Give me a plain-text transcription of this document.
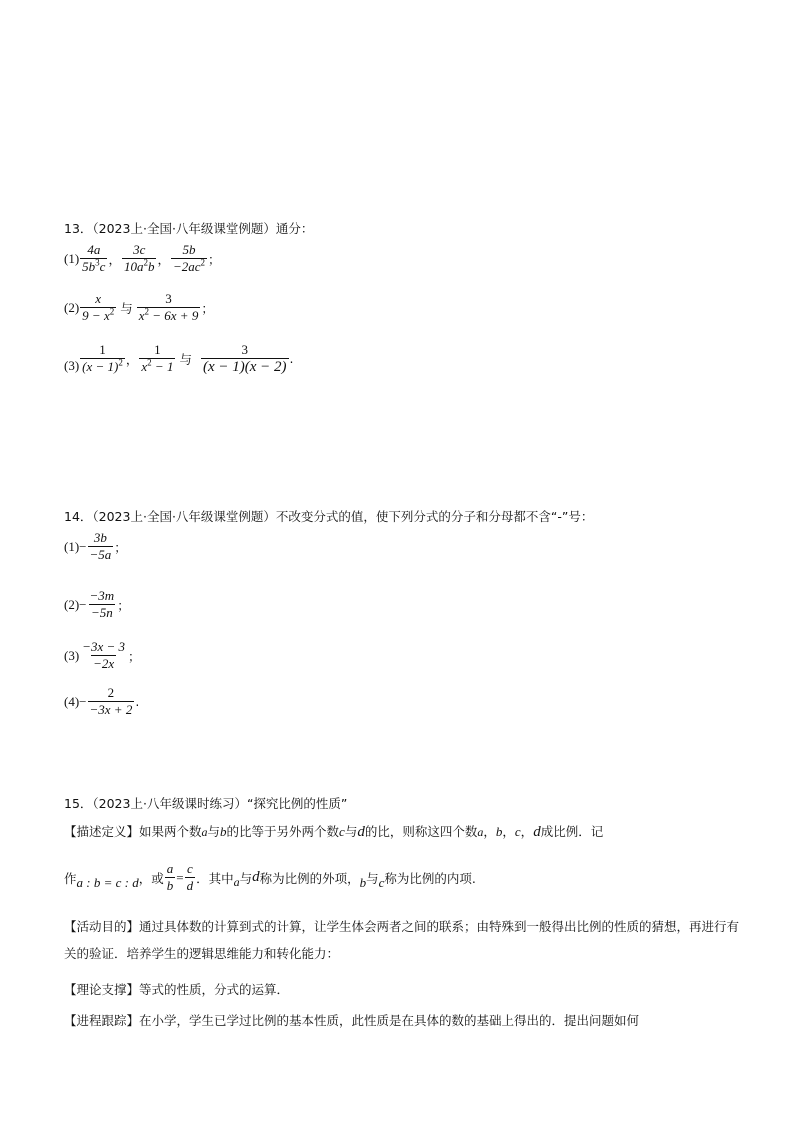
13．（2023上·全国·八年级课堂例题）通分：
$(1) \frac{4a}{5b^3c}$ ， $\frac{3c}{10a^2b}$ ， $\frac{5b}{-2ac^2}$ ；
$(2) \frac{x}{9 - x^2}$ 与 $\frac{3}{x^2 - 6x + 9}$ ；
$(3) \frac{1}{(x - 1)^2}$ ， $\frac{1}{x^2 - 1}$ 与 $\frac{3}{(x - 1)(x - 2)}$ .
14．（2023上·全国·八年级课堂例题）不改变分式的值，使下列分式的分子和分母都不含“-”号：
$(1) - \frac{3b}{-5a}$ ；
$(2) - \frac{-3m}{-5n}$ ；
$(3) \frac{-3x - 3}{-2x}$ ；
$(4) - \frac{2}{-3x + 2}$ .
15．（2023上·八年级课时练习）“探究比例的性质”
【描述定义】如果两个数a与b的比等于另外两个数c与d的比，则称这四个数a，b，c，d成比例．记
作 a : b = c : d ，或 $\frac{a}{b} = \frac{c}{d}$ ．其中 a 与 d 称为比例的外项， b 与 c 称为比例的内项.
【活动目的】通过具体数的计算到式的计算，让学生体会两者之间的联系；由特殊到一般得出比例的性质的猜想，再进行有关的验证．培养学生的逻辑思维能力和转化能力：
【理论支撑】等式的性质，分式的运算．
【进程跟踪】在小学，学生已学过比例的基本性质，此性质是在具体的数的基础上得出的．提出问题如何
